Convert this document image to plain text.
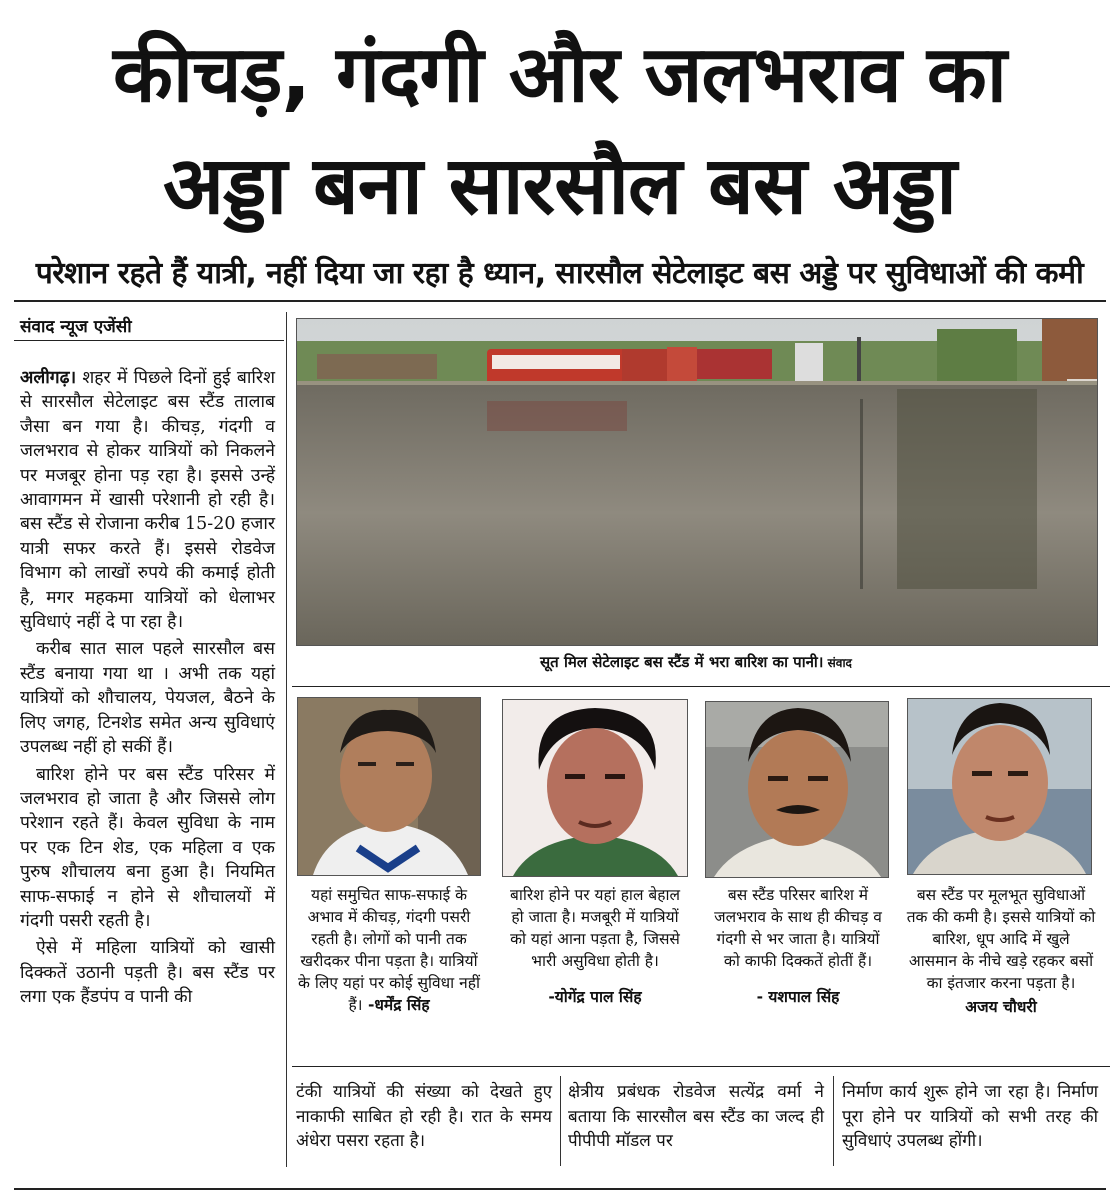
कीचड़, गंदगी और जलभराव का
अड्डा बना सारसौल बस अड्डा
परेशान रहते हैं यात्री, नहीं दिया जा रहा है ध्यान, सारसौल सेटेलाइट बस अड्डे पर सुविधाओं की कमी
संवाद न्यूज एजेंसी

अलीगढ़। शहर में पिछले दिनों हुई बारिश से सारसौल सेटेलाइट बस स्टैंड तालाब जैसा बन गया है। कीचड़, गंदगी व जलभराव से होकर यात्रियों को निकलने पर मजबूर होना पड़ रहा है। इससे उन्हें आवागमन में खासी परेशानी हो रही है। बस स्टैंड से रोजाना करीब 15-20 हजार यात्री सफर करते हैं। इससे रोडवेज विभाग को लाखों रुपये की कमाई होती है, मगर महकमा यात्रियों को धेलाभर सुविधाएं नहीं दे पा रहा है।

करीब सात साल पहले सारसौल बस स्टैंड बनाया गया था । अभी तक यहां यात्रियों को शौचालय, पेयजल, बैठने के लिए जगह, टिनशेड समेत अन्य सुविधाएं उपलब्ध नहीं हो सकीं हैं।

बारिश होने पर बस स्टैंड परिसर में जलभराव हो जाता है और जिससे लोग परेशान रहते हैं। केवल सुविधा के नाम पर एक टिन शेड, एक महिला व एक पुरुष शौचालय बना हुआ है। नियमित साफ-सफाई न होने से शौचालयों में गंदगी पसरी रहती है।

ऐसे में महिला यात्रियों को खासी दिक्कतें उठानी पड़ती है। बस स्टैंड पर लगा एक हैंडपंप व पानी की

सूत मिल सेटेलाइट बस स्टैंड में भरा बारिश का पानी। संवाद
यहां समुचित साफ-सफाई के अभाव में कीचड़, गंदगी पसरी रहती है। लोगों को पानी तक खरीदकर पीना पड़ता है। यात्रियों के लिए यहां पर कोई सुविधा नहीं हैं। -धर्मेंद्र सिंह
बारिश होने पर यहां हाल बेहाल हो जाता है। मजबूरी में यात्रियों को यहां आना पड़ता है, जिससे भारी असुविधा होती है।
-योगेंद्र पाल सिंह
बस स्टैंड परिसर बारिश में जलभराव के साथ ही कीचड़ व गंदगी से भर जाता है। यात्रियों को काफी दिक्कतें होतीं हैं।
- यशपाल सिंह
बस स्टैंड पर मूलभूत सुविधाओं तक की कमी है। इससे यात्रियों को बारिश, धूप आदि में खुले आसमान के नीचे खड़े रहकर बसों का इंतजार करना पड़ता है।
अजय चौधरी
टंकी यात्रियों की संख्या को देखते हुए नाकाफी साबित हो रही है। रात के समय अंधेरा पसरा रहता है।
क्षेत्रीय प्रबंधक रोडवेज सत्येंद्र वर्मा ने बताया कि सारसौल बस स्टैंड का जल्द ही पीपीपी मॉडल पर
निर्माण कार्य शुरू होने जा रहा है। निर्माण पूरा होने पर यात्रियों को सभी तरह की सुविधाएं उपलब्ध होंगी।
